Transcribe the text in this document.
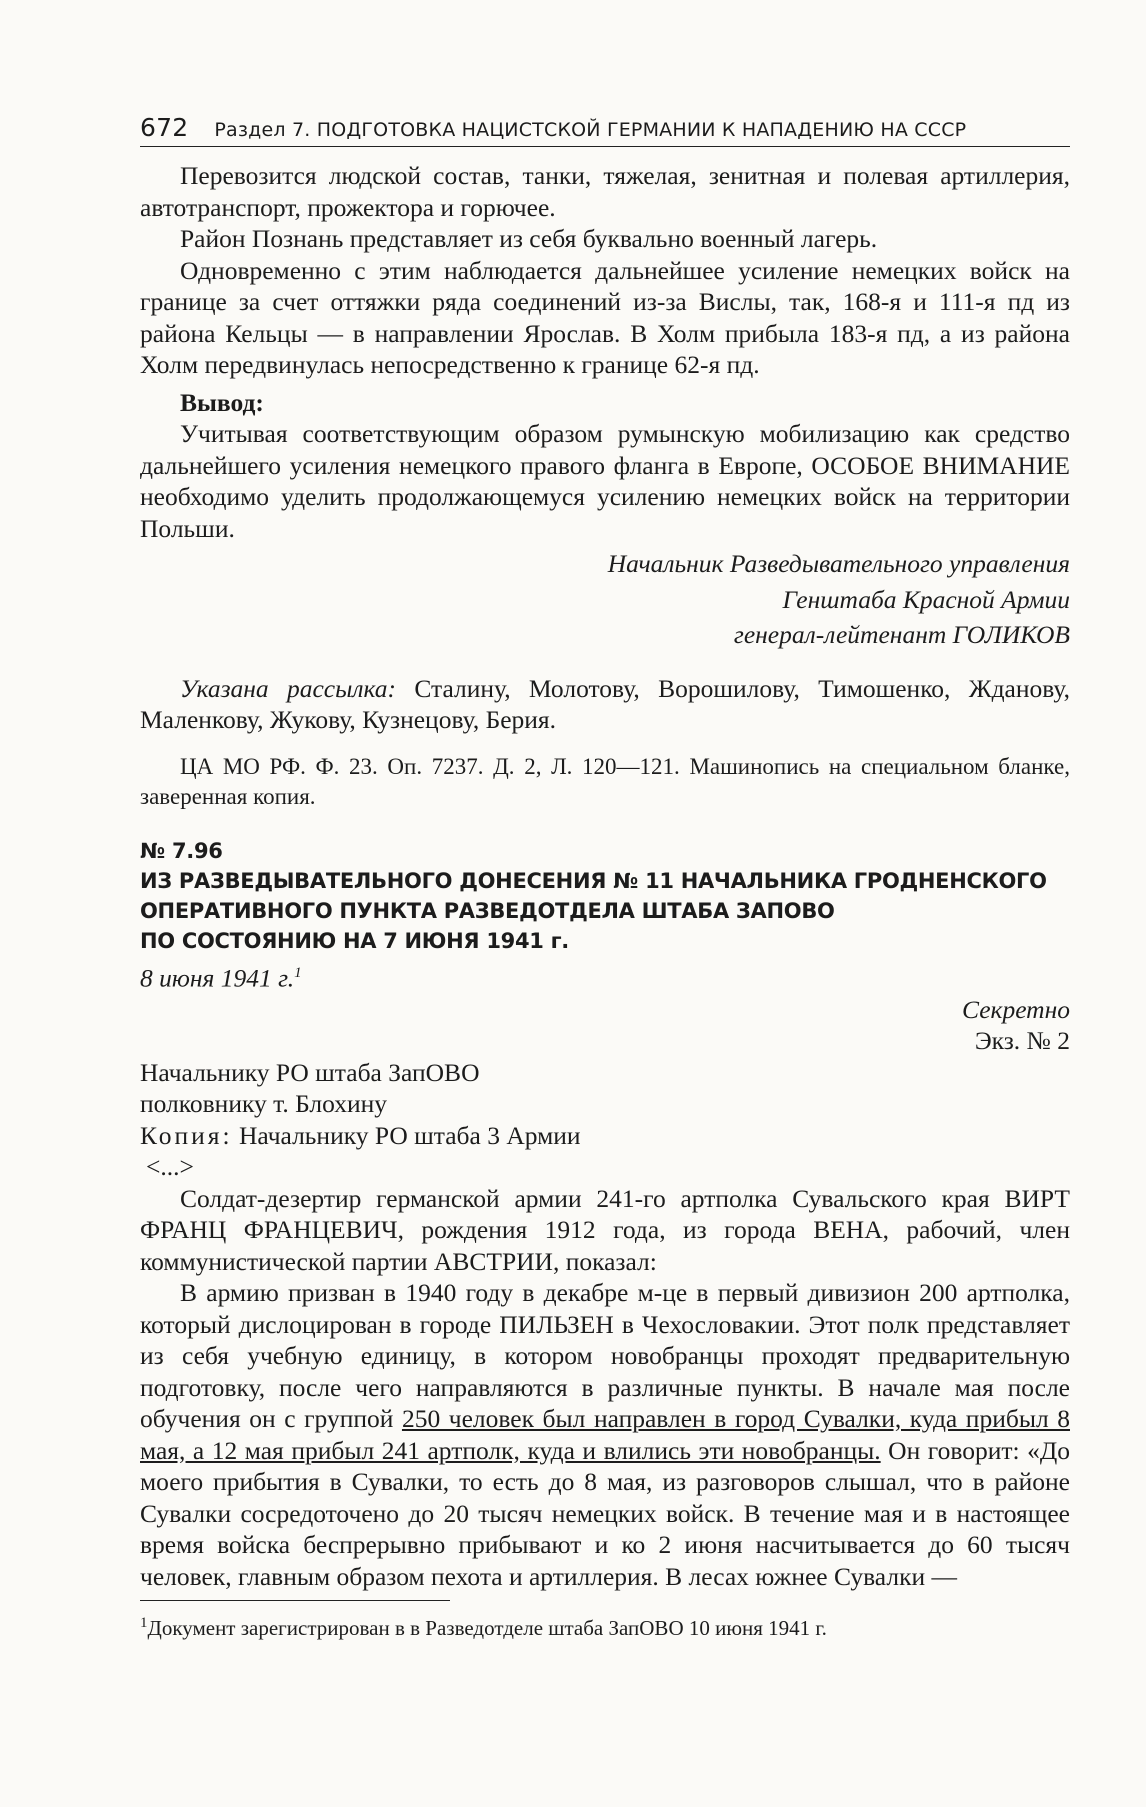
672 Раздел 7. ПОДГОТОВКА НАЦИСТСКОЙ ГЕРМАНИИ К НАПАДЕНИЮ НА СССР

Перевозится людской состав, танки, тяжелая, зенитная и полевая артиллерия, автотранспорт, прожектора и горючее.

Район Познань представляет из себя буквально военный лагерь.

Одновременно с этим наблюдается дальнейшее усиление немецких войск на границе за счет оттяжки ряда соединений из-за Вислы, так, 168-я и 111-я пд из района Кельцы — в направлении Ярослав. В Холм прибыла 183-я пд, а из района Холм передвинулась непосредственно к границе 62-я пд.

Вывод:

Учитывая соответствующим образом румынскую мобилизацию как средство дальнейшего усиления немецкого правого фланга в Европе, ОСОБОЕ ВНИМАНИЕ необходимо уделить продолжающемуся усилению немецких войск на территории Польши.

Начальник Разведывательного управления

Генштаба Красной Армии

генерал-лейтенант ГОЛИКОВ

Указана рассылка: Сталину, Молотову, Ворошилову, Тимошенко, Жданову, Маленкову, Жукову, Кузнецову, Берия.

ЦА МО РФ. Ф. 23. Оп. 7237. Д. 2, Л. 120—121. Машинопись на специальном бланке, заверенная копия.

№ 7.96

ИЗ РАЗВЕДЫВАТЕЛЬНОГО ДОНЕСЕНИЯ № 11 НАЧАЛЬНИКА ГРОДНЕНСКОГО

ОПЕРАТИВНОГО ПУНКТА РАЗВЕДОТДЕЛА ШТАБА ЗАПОВО

ПО СОСТОЯНИЮ НА 7 ИЮНЯ 1941 г.

8 июня 1941 г.$^1$

Секретно

Экз. № 2

Начальнику РО штаба ЗапОВО

полковнику т. Блохину

Копия: Начальнику РО штаба 3 Армии

<...>

Солдат-дезертир германской армии 241-го артполка Сувальского края ВИРТ ФРАНЦ ФРАНЦЕВИЧ, рождения 1912 года, из города ВЕНА, рабочий, член коммунистической партии АВСТРИИ, показал:

В армию призван в 1940 году в декабре м-це в первый дивизион 200 артполка, который дислоцирован в городе ПИЛЬЗЕН в Чехословакии. Этот полк представляет из себя учебную единицу, в котором новобранцы проходят предварительную подготовку, после чего направляются в различные пункты. В начале мая после обучения он с группой 250 человек был направлен в город Сувалки, куда прибыл 8 мая, а 12 мая прибыл 241 артполк, куда и влились эти новобранцы. Он говорит: «До моего прибытия в Сувалки, то есть до 8 мая, из разговоров слышал, что в районе Сувалки сосредоточено до 20 тысяч немецких войск. В течение мая и в настоящее время войска беспрерывно прибывают и ко 2 июня насчитывается до 60 тысяч человек, главным образом пехота и артиллерия. В лесах южнее Сувалки —

$^1$Документ зарегистрирован в в Разведотделе штаба ЗапОВО 10 июня 1941 г.
